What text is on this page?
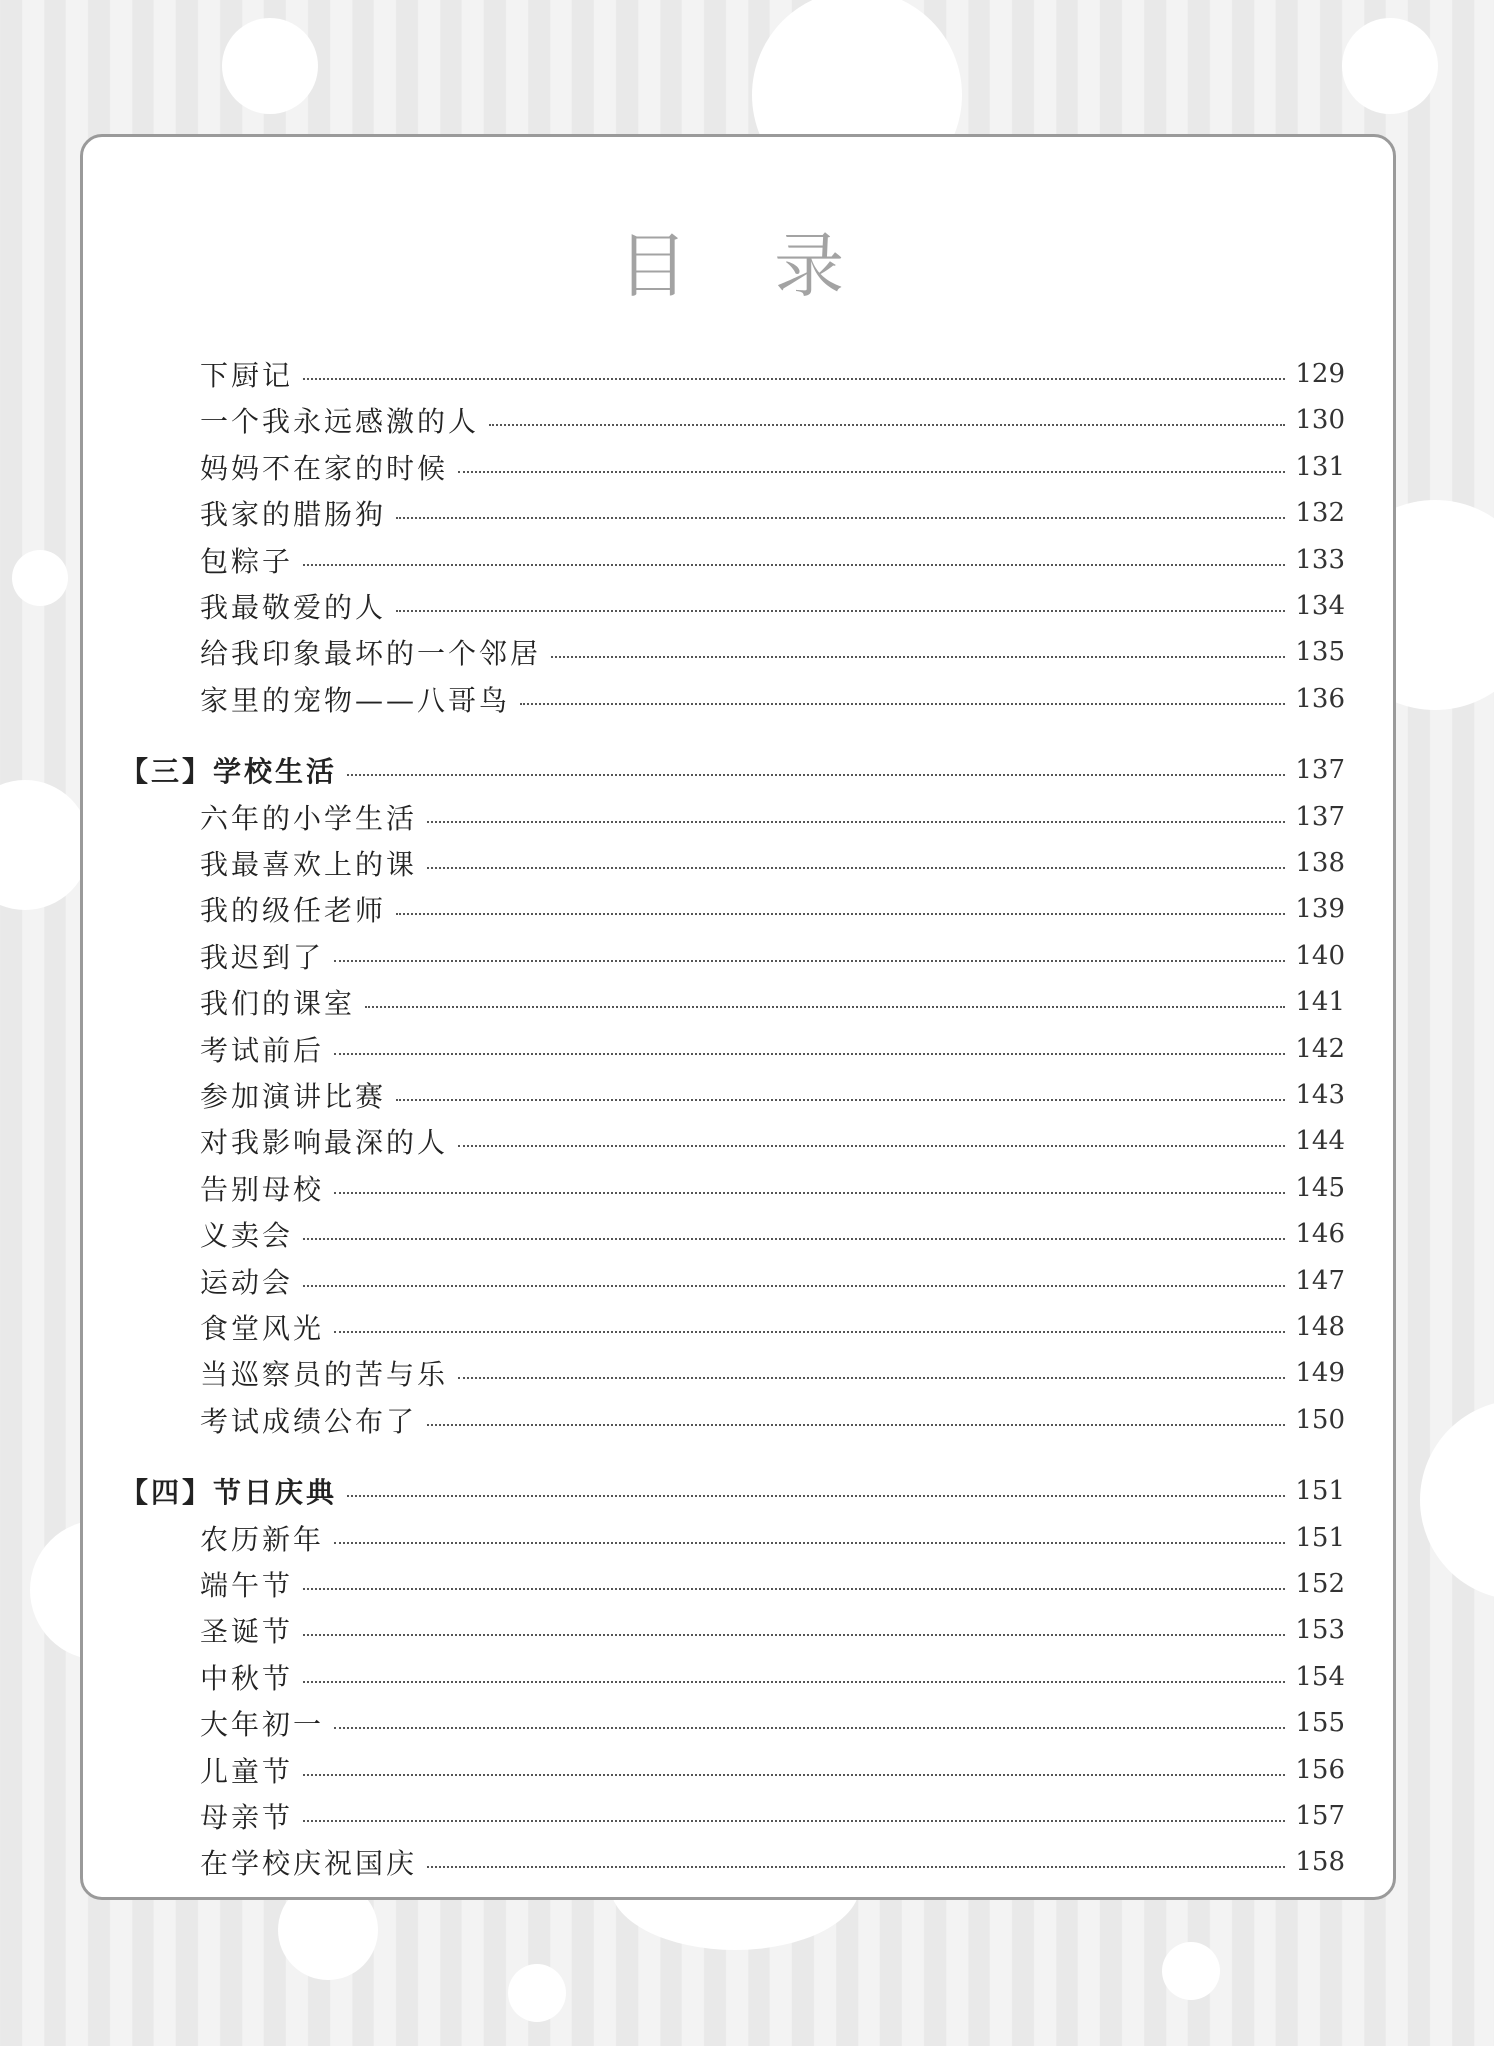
目 录
下厨记	129
一个我永远感激的人	130
妈妈不在家的时候	131
我家的腊肠狗	132
包粽子	133
我最敬爱的人	134
给我印象最坏的一个邻居	135
家里的宠物——八哥鸟	136
【三】学校生活	137
六年的小学生活	137
我最喜欢上的课	138
我的级任老师	139
我迟到了	140
我们的课室	141
考试前后	142
参加演讲比赛	143
对我影响最深的人	144
告别母校	145
义卖会	146
运动会	147
食堂风光	148
当巡察员的苦与乐	149
考试成绩公布了	150
【四】节日庆典	151
农历新年	151
端午节	152
圣诞节	153
中秋节	154
大年初一	155
儿童节	156
母亲节	157
在学校庆祝国庆	158
